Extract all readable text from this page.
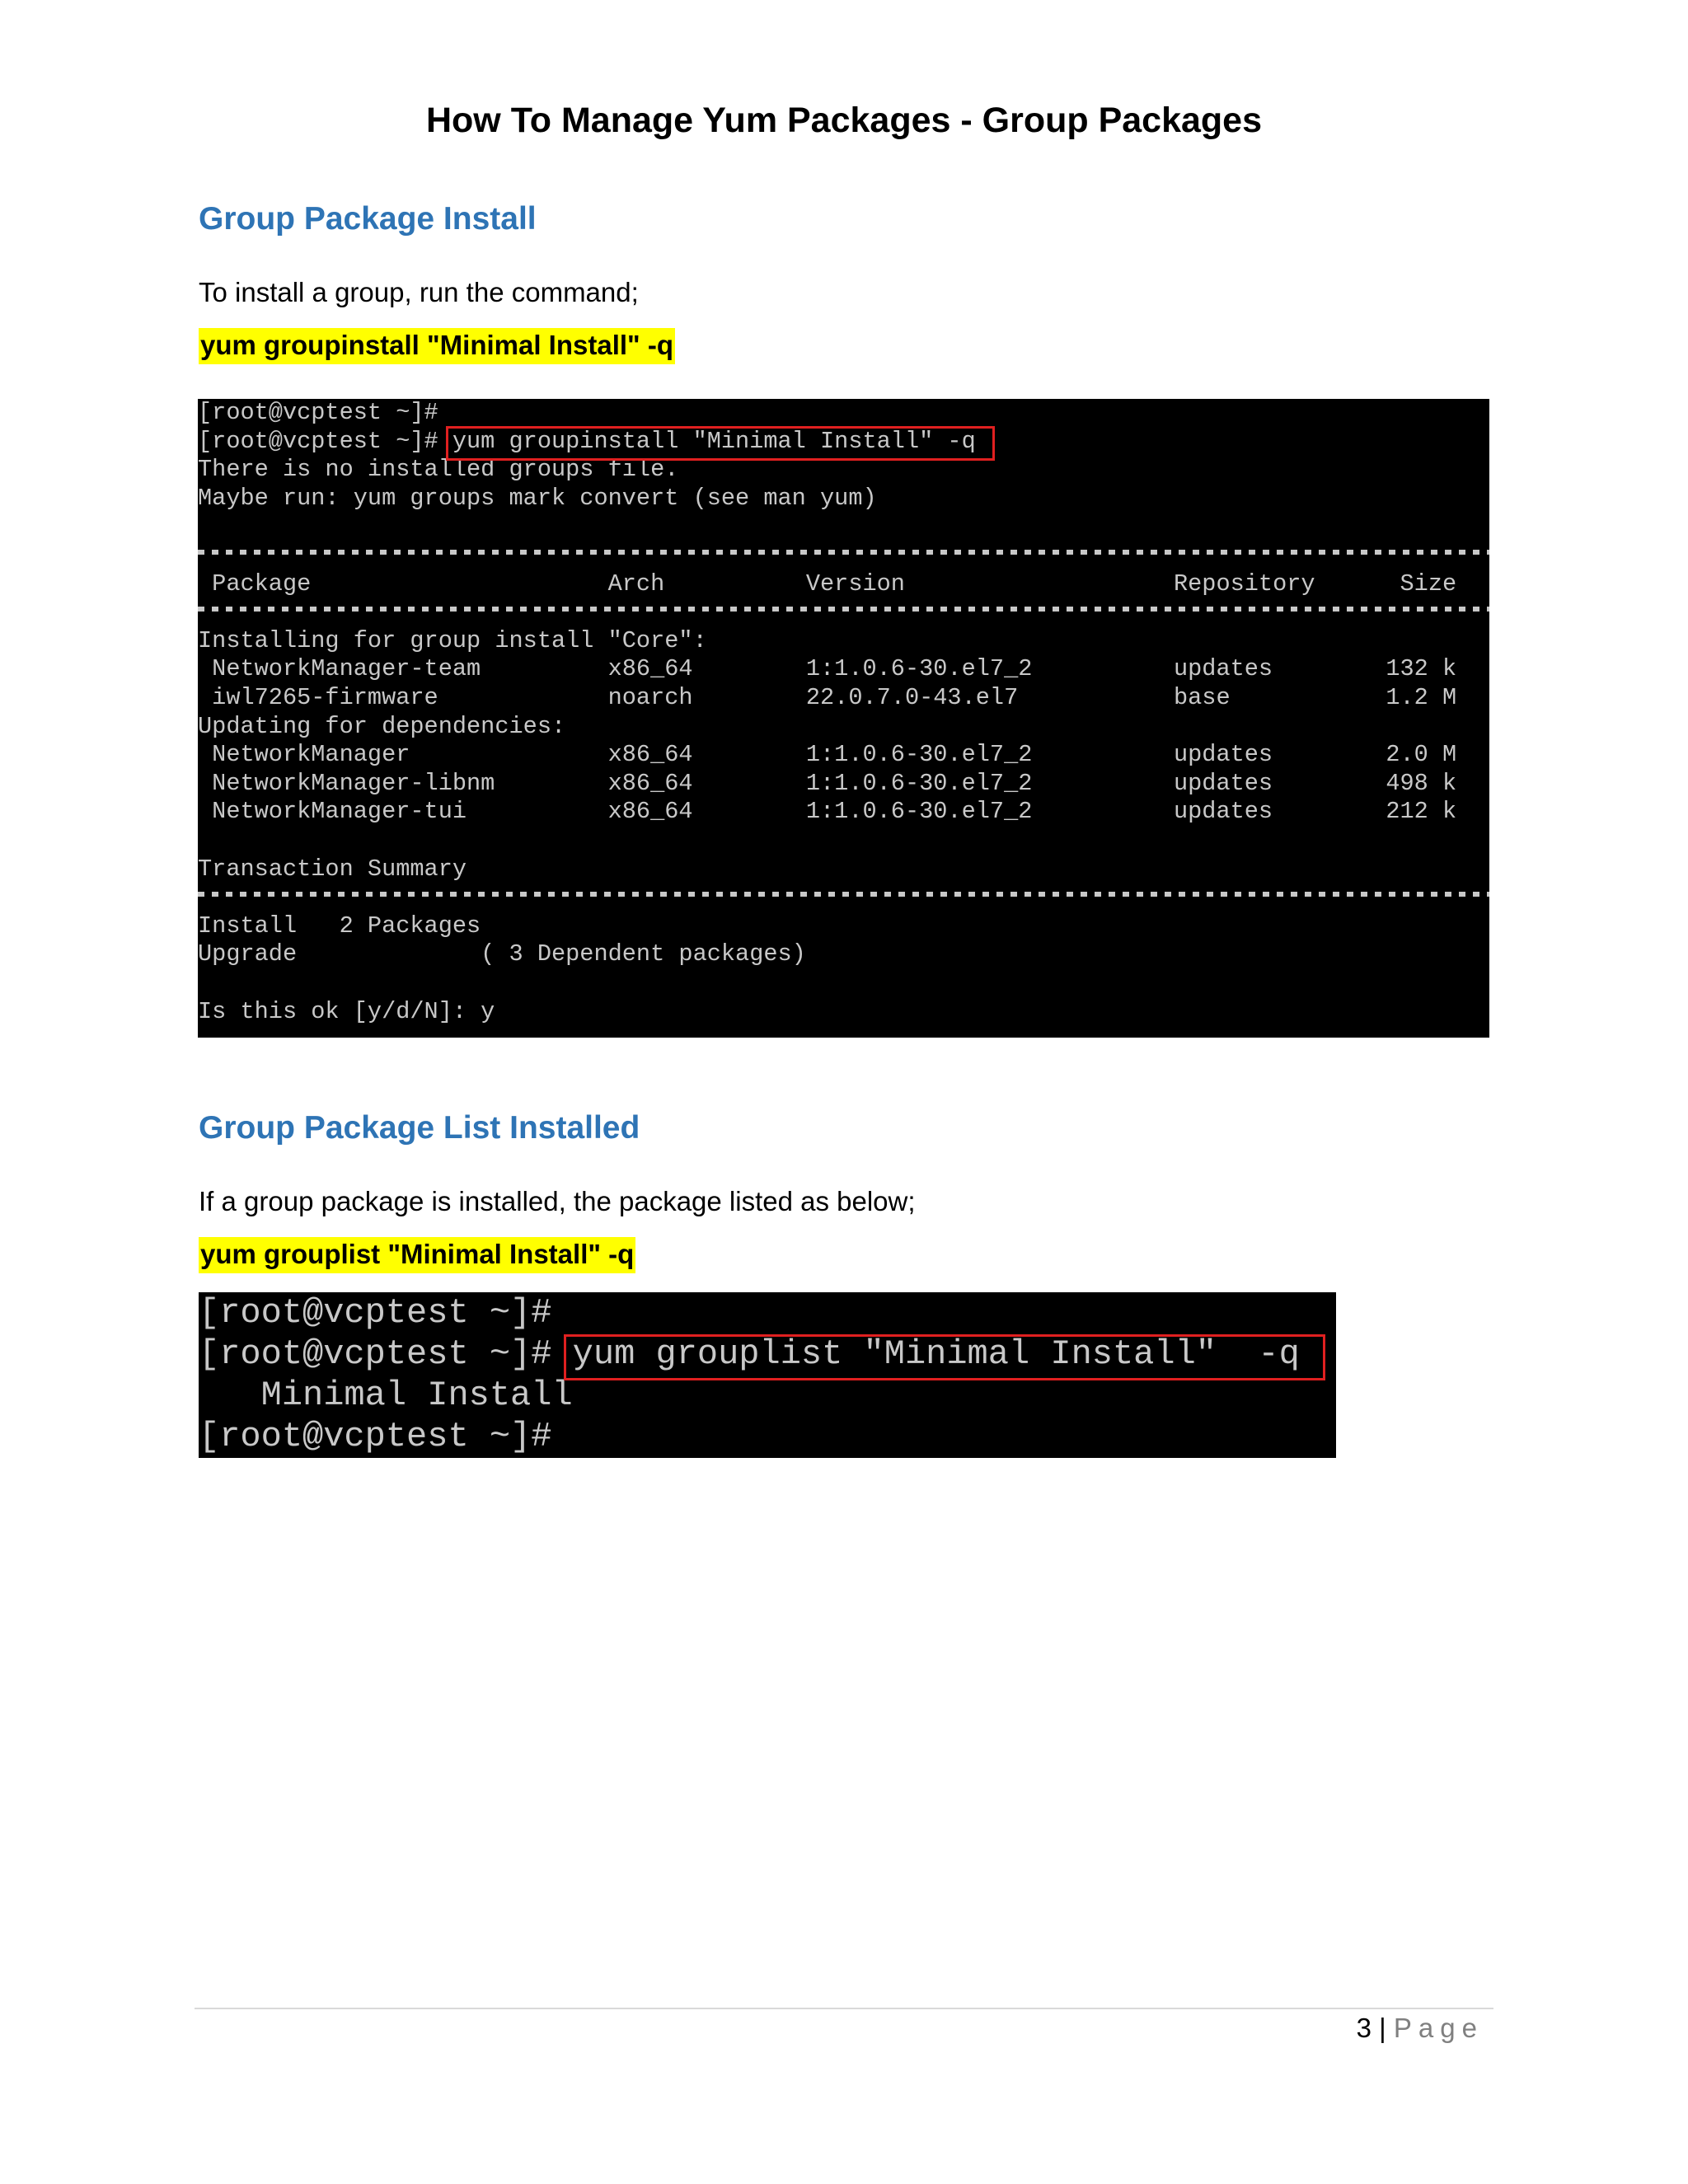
How To Manage Yum Packages - Group Packages
Group Package Install
To install a group, run the command;
yum groupinstall "Minimal Install" -q
[root@vcptest ~]#
[root@vcptest ~]# yum groupinstall "Minimal Install" -q
There is no installed groups file.
Maybe run: yum groups mark convert (see man yum)
Package                     Arch          Version                   Repository      Size
Installing for group install "Core":
NetworkManager-team         x86_64        1:1.0.6-30.el7_2          updates        132 k
iwl7265-firmware            noarch        22.0.7.0-43.el7           base           1.2 M
Updating for dependencies:
NetworkManager              x86_64        1:1.0.6-30.el7_2          updates        2.0 M
NetworkManager-libnm        x86_64        1:1.0.6-30.el7_2          updates        498 k
NetworkManager-tui          x86_64        1:1.0.6-30.el7_2          updates        212 k
Transaction Summary
Install   2 Packages
Upgrade             ( 3 Dependent packages)
Is this ok [y/d/N]: y
Group Package List Installed
If a group package is installed, the package listed as below;
yum grouplist "Minimal Install" -q
[root@vcptest ~]#
[root@vcptest ~]# yum grouplist "Minimal Install"  -q
Minimal Install
[root@vcptest ~]#
3 | Page
